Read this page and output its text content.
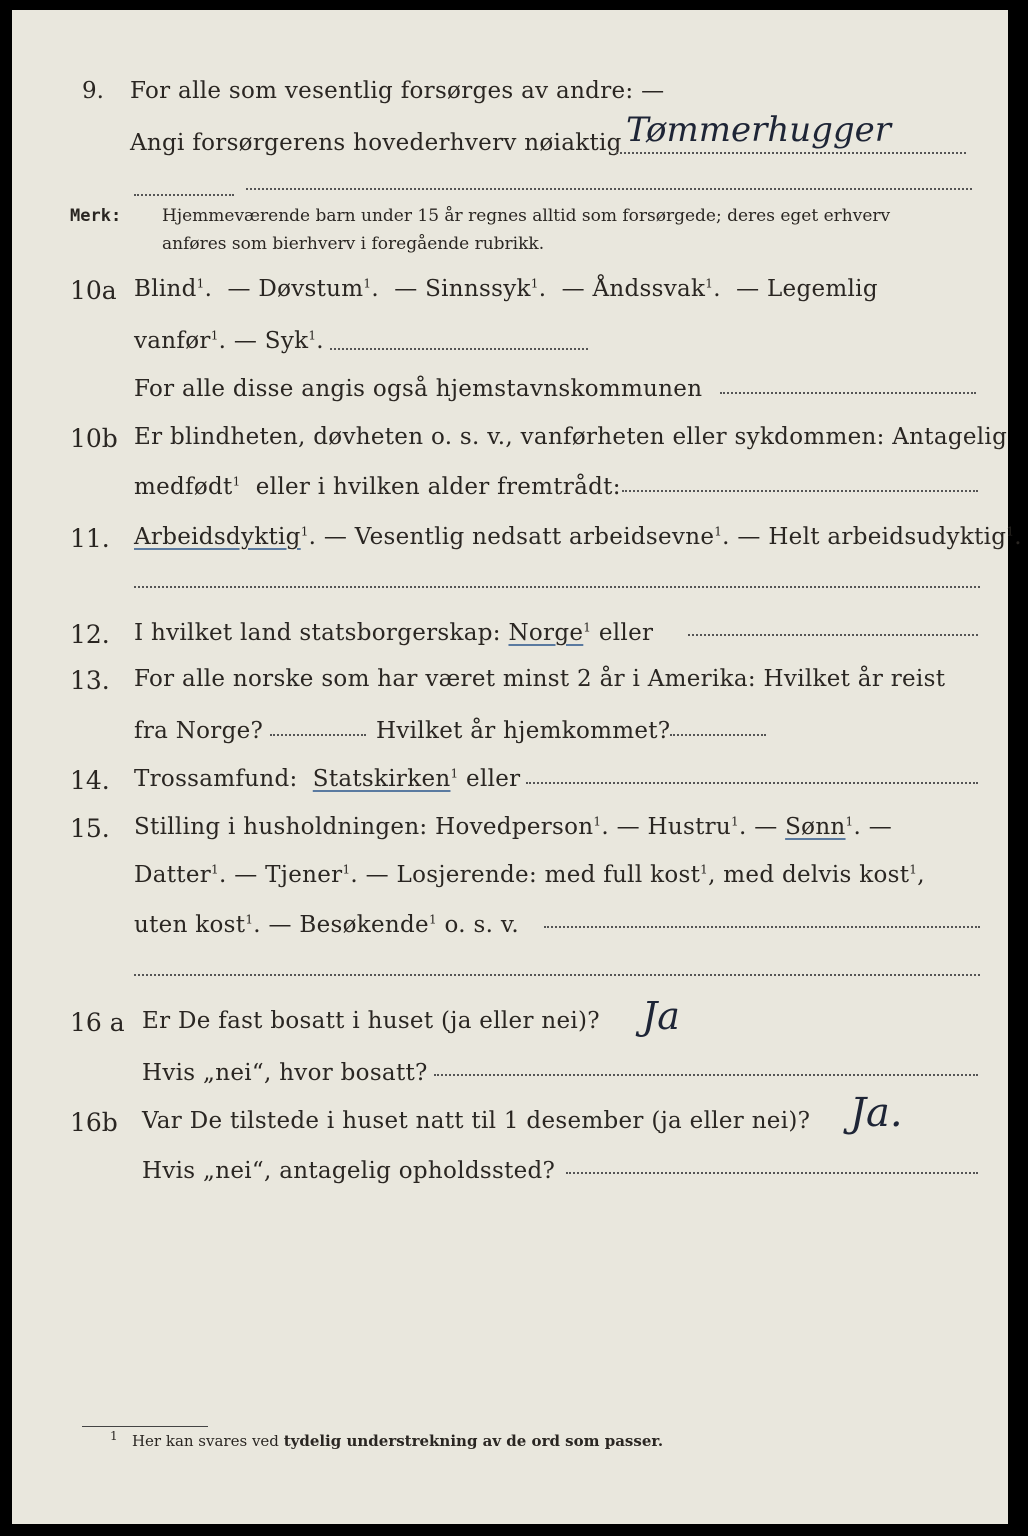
9. For alle som vesentlig forsørges av andre: —
Angi forsørgerens hovederhverv nøiaktig Tømmerhugger
Merk: Hjemmeværende barn under 15 år regnes alltid som forsørgede; deres eget erhverv
anføres som bierhverv i foregående rubrikk.
10a Blind$^1$.  — Døvstum$^1$.  — Sinnssyk$^1$.  — Åndssvak$^1$.  — Legemlig
vanfør$^1$. — Syk$^1$.
For alle disse angis også hjemstavnskommunen
10b Er blindheten, døvheten o. s. v., vanførheten eller sykdommen: Antagelig
medfødt$^1$ eller i hvilken alder fremtrådt:
11. Arbeidsdyktig$^1$. — Vesentlig nedsatt arbeidsevne$^1$. — Helt arbeidsudyktig$^1$.
12. I hvilket land statsborgerskap: Norge$^1$ eller
13. For alle norske som har været minst 2 år i Amerika: Hvilket år reist
fra Norge?	Hvilket år hjemkommet?
14. Trossamfund: Statskirken$^1$ eller
15. Stilling i husholdningen: Hovedperson$^1$. — Hustru$^1$. — Sønn$^1$. —
Datter$^1$. — Tjener$^1$. — Losjerende: med full kost$^1$, med delvis kost$^1$,
uten kost$^1$. — Besøkende$^1$ o. s. v.
16 a Er De fast bosatt i huset (ja eller nei)? Ja
Hvis „nei“, hvor bosatt?
16b Var De tilstede i huset natt til 1 desember (ja eller nei)? Ja.
Hvis „nei“, antagelig opholdssted?
$^1$ Her kan svares ved tydelig understrekning av de ord som passer.
